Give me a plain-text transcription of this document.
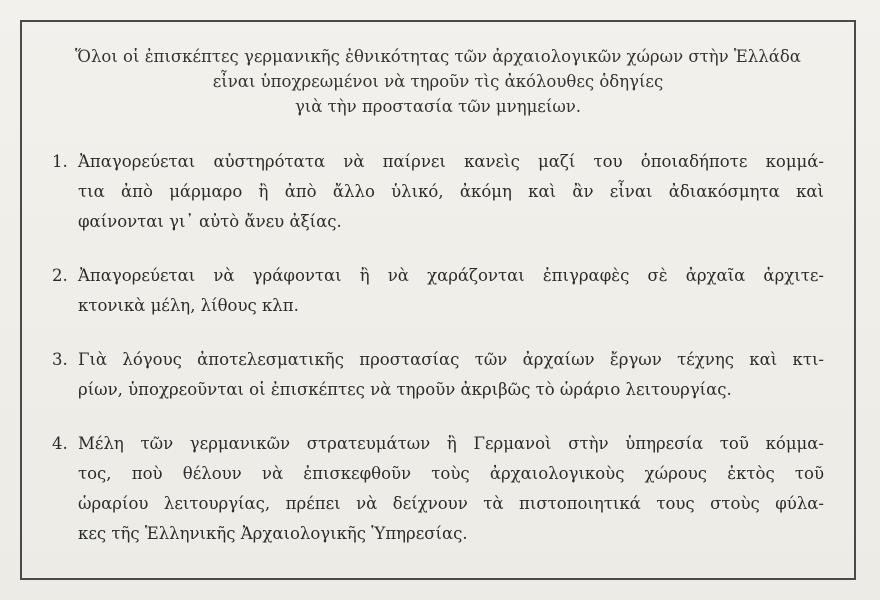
Ὅλοι οἱ ἐπισκέπτες γερμανικῆς ἐθνικότητας τῶν ἀρχαιολογικῶν χώρων στὴν Ἑλλάδα
εἶναι ὑποχρεωμένοι νὰ τηροῦν τὶς ἀκόλουθες ὁδηγίες
γιὰ τὴν προστασία τῶν μνημείων.
1. Ἀπαγορεύεται αὐστηρότατα νὰ παίρνει κανεὶς μαζί του ὁποιαδήποτε κομμά-
τια ἀπὸ μάρμαρο ἢ ἀπὸ ἄλλο ὑλικό, ἀκόμη καὶ ἂν εἶναι ἀδιακόσμητα καὶ
φαίνονται γι᾽ αὐτὸ ἄνευ ἀξίας.
2. Ἀπαγορεύεται νὰ γράφονται ἢ νὰ χαράζονται ἐπιγραφὲς σὲ ἀρχαῖα ἀρχιτε-
κτονικὰ μέλη, λίθους κλπ.
3. Γιὰ λόγους ἀποτελεσματικῆς προστασίας τῶν ἀρχαίων ἔργων τέχνης καὶ κτι-
ρίων, ὑποχρεοῦνται οἱ ἐπισκέπτες νὰ τηροῦν ἀκριβῶς τὸ ὡράριο λειτουργίας.
4. Μέλη τῶν γερμανικῶν στρατευμάτων ἢ Γερμανοὶ στὴν ὑπηρεσία τοῦ κόμμα-
τος, ποὺ θέλουν νὰ ἐπισκεφθοῦν τοὺς ἀρχαιολογικοὺς χώρους ἐκτὸς τοῦ
ὡραρίου λειτουργίας, πρέπει νὰ δείχνουν τὰ πιστοποιητικά τους στοὺς φύλα-
κες τῆς Ἑλληνικῆς Ἀρχαιολογικῆς Ὑπηρεσίας.
